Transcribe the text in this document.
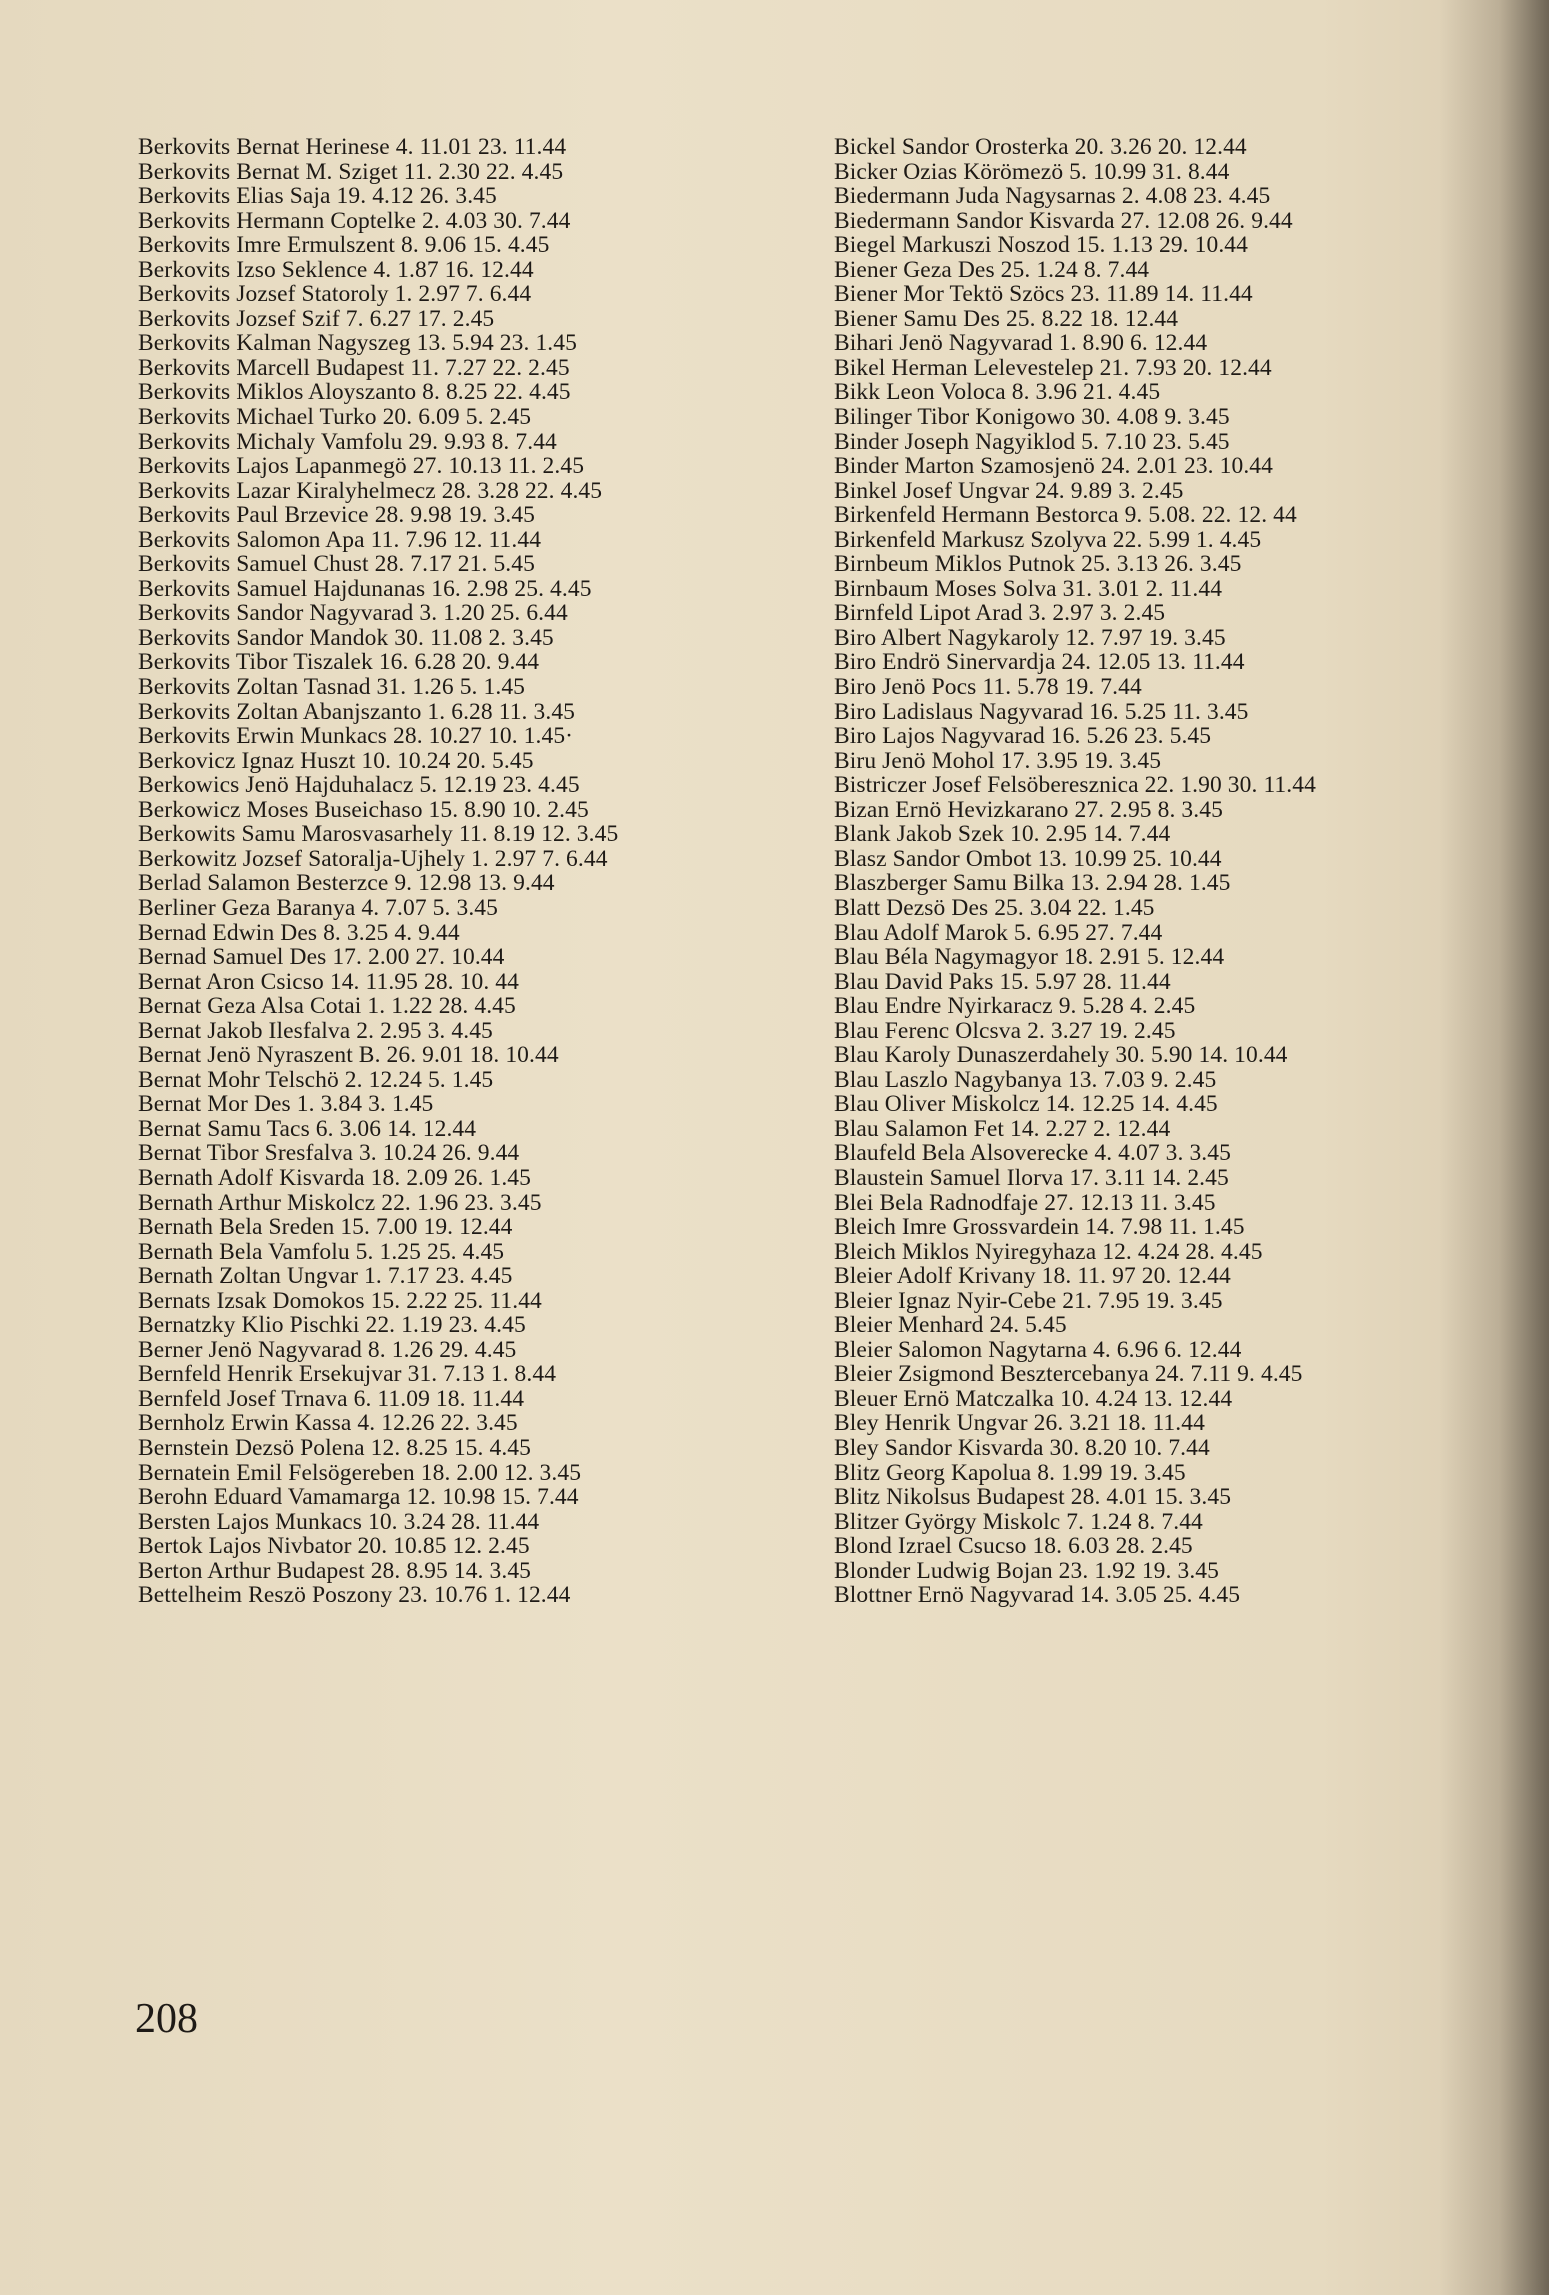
Berkovits Bernat Herinese 4. 11.01 23. 11.44
Berkovits Bernat M. Sziget 11. 2.30 22. 4.45
Berkovits Elias Saja 19. 4.12 26. 3.45
Berkovits Hermann Coptelke 2. 4.03 30. 7.44
Berkovits Imre Ermulszent 8. 9.06 15. 4.45
Berkovits Izso Seklence 4. 1.87 16. 12.44
Berkovits Jozsef Statoroly 1. 2.97 7. 6.44
Berkovits Jozsef Szif 7. 6.27 17. 2.45
Berkovits Kalman Nagyszeg 13. 5.94 23. 1.45
Berkovits Marcell Budapest 11. 7.27 22. 2.45
Berkovits Miklos Aloyszanto 8. 8.25 22. 4.45
Berkovits Michael Turko 20. 6.09 5. 2.45
Berkovits Michaly Vamfolu 29. 9.93 8. 7.44
Berkovits Lajos Lapanmegö 27. 10.13 11. 2.45
Berkovits Lazar Kiralyhelmecz 28. 3.28 22. 4.45
Berkovits Paul Brzevice 28. 9.98 19. 3.45
Berkovits Salomon Apa 11. 7.96 12. 11.44
Berkovits Samuel Chust 28. 7.17 21. 5.45
Berkovits Samuel Hajdunanas 16. 2.98 25. 4.45
Berkovits Sandor Nagyvarad 3. 1.20 25. 6.44
Berkovits Sandor Mandok 30. 11.08 2. 3.45
Berkovits Tibor Tiszalek 16. 6.28 20. 9.44
Berkovits Zoltan Tasnad 31. 1.26 5. 1.45
Berkovits Zoltan Abanjszanto 1. 6.28 11. 3.45
Berkovits Erwin Munkacs 28. 10.27 10. 1.45·
Berkovicz Ignaz Huszt 10. 10.24 20. 5.45
Berkowics Jenö Hajduhalacz 5. 12.19 23. 4.45
Berkowicz Moses Buseichaso 15. 8.90 10. 2.45
Berkowits Samu Marosvasarhely 11. 8.19 12. 3.45
Berkowitz Jozsef Satoralja-Ujhely 1. 2.97 7. 6.44
Berlad Salamon Besterzce 9. 12.98 13. 9.44
Berliner Geza Baranya 4. 7.07 5. 3.45
Bernad Edwin Des 8. 3.25 4. 9.44
Bernad Samuel Des 17. 2.00 27. 10.44
Bernat Aron Csicso 14. 11.95 28. 10. 44
Bernat Geza Alsa Cotai 1. 1.22 28. 4.45
Bernat Jakob Ilesfalva 2. 2.95 3. 4.45
Bernat Jenö Nyraszent B. 26. 9.01 18. 10.44
Bernat Mohr Telschö 2. 12.24 5. 1.45
Bernat Mor Des 1. 3.84 3. 1.45
Bernat Samu Tacs 6. 3.06 14. 12.44
Bernat Tibor Sresfalva 3. 10.24 26. 9.44
Bernath Adolf Kisvarda 18. 2.09 26. 1.45
Bernath Arthur Miskolcz 22. 1.96 23. 3.45
Bernath Bela Sreden 15. 7.00 19. 12.44
Bernath Bela Vamfolu 5. 1.25 25. 4.45
Bernath Zoltan Ungvar 1. 7.17 23. 4.45
Bernats Izsak Domokos 15. 2.22 25. 11.44
Bernatzky Klio Pischki 22. 1.19 23. 4.45
Berner Jenö Nagyvarad 8. 1.26 29. 4.45
Bernfeld Henrik Ersekujvar 31. 7.13 1. 8.44
Bernfeld Josef Trnava 6. 11.09 18. 11.44
Bernholz Erwin Kassa 4. 12.26 22. 3.45
Bernstein Dezsö Polena 12. 8.25 15. 4.45
Bernatein Emil Felsögereben 18. 2.00 12. 3.45
Berohn Eduard Vamamarga 12. 10.98 15. 7.44
Bersten Lajos Munkacs 10. 3.24 28. 11.44
Bertok Lajos Nivbator 20. 10.85 12. 2.45
Berton Arthur Budapest 28. 8.95 14. 3.45
Bettelheim Reszö Poszony 23. 10.76 1. 12.44
Bickel Sandor Orosterka 20. 3.26 20. 12.44
Bicker Ozias Körömezö 5. 10.99 31. 8.44
Biedermann Juda Nagysarnas 2. 4.08 23. 4.45
Biedermann Sandor Kisvarda 27. 12.08 26. 9.44
Biegel Markuszi Noszod 15. 1.13 29. 10.44
Biener Geza Des 25. 1.24 8. 7.44
Biener Mor Tektö Szöcs 23. 11.89 14. 11.44
Biener Samu Des 25. 8.22 18. 12.44
Bihari Jenö Nagyvarad 1. 8.90 6. 12.44
Bikel Herman Lelevestelep 21. 7.93 20. 12.44
Bikk Leon Voloca 8. 3.96 21. 4.45
Bilinger Tibor Konigowo 30. 4.08 9. 3.45
Binder Joseph Nagyiklod 5. 7.10 23. 5.45
Binder Marton Szamosjenö 24. 2.01 23. 10.44
Binkel Josef Ungvar 24. 9.89 3. 2.45
Birkenfeld Hermann Bestorca 9. 5.08. 22. 12. 44
Birkenfeld Markusz Szolyva 22. 5.99 1. 4.45
Birnbeum Miklos Putnok 25. 3.13 26. 3.45
Birnbaum Moses Solva 31. 3.01 2. 11.44
Birnfeld Lipot Arad 3. 2.97 3. 2.45
Biro Albert Nagykaroly 12. 7.97 19. 3.45
Biro Endrö Sinervardja 24. 12.05 13. 11.44
Biro Jenö Pocs 11. 5.78 19. 7.44
Biro Ladislaus Nagyvarad 16. 5.25 11. 3.45
Biro Lajos Nagyvarad 16. 5.26 23. 5.45
Biru Jenö Mohol 17. 3.95 19. 3.45
Bistriczer Josef Felsöberesznica 22. 1.90 30. 11.44
Bizan Ernö Hevizkarano 27. 2.95 8. 3.45
Blank Jakob Szek 10. 2.95 14. 7.44
Blasz Sandor Ombot 13. 10.99 25. 10.44
Blaszberger Samu Bilka 13. 2.94 28. 1.45
Blatt Dezsö Des 25. 3.04 22. 1.45
Blau Adolf Marok 5. 6.95 27. 7.44
Blau Béla Nagymagyor 18. 2.91 5. 12.44
Blau David Paks 15. 5.97 28. 11.44
Blau Endre Nyirkaracz 9. 5.28 4. 2.45
Blau Ferenc Olcsva 2. 3.27 19. 2.45
Blau Karoly Dunaszerdahely 30. 5.90 14. 10.44
Blau Laszlo Nagybanya 13. 7.03 9. 2.45
Blau Oliver Miskolcz 14. 12.25 14. 4.45
Blau Salamon Fet 14. 2.27 2. 12.44
Blaufeld Bela Alsoverecke 4. 4.07 3. 3.45
Blaustein Samuel Ilorva 17. 3.11 14. 2.45
Blei Bela Radnodfaje 27. 12.13 11. 3.45
Bleich Imre Grossvardein 14. 7.98 11. 1.45
Bleich Miklos Nyiregyhaza 12. 4.24 28. 4.45
Bleier Adolf Krivany 18. 11. 97 20. 12.44
Bleier Ignaz Nyir-Cebe 21. 7.95 19. 3.45
Bleier Menhard 24. 5.45
Bleier Salomon Nagytarna 4. 6.96 6. 12.44
Bleier Zsigmond Besztercebanya 24. 7.11 9. 4.45
Bleuer Ernö Matczalka 10. 4.24 13. 12.44
Bley Henrik Ungvar 26. 3.21 18. 11.44
Bley Sandor Kisvarda 30. 8.20 10. 7.44
Blitz Georg Kapolua 8. 1.99 19. 3.45
Blitz Nikolsus Budapest 28. 4.01 15. 3.45
Blitzer György Miskolc 7. 1.24 8. 7.44
Blond Izrael Csucso 18. 6.03 28. 2.45
Blonder Ludwig Bojan 23. 1.92 19. 3.45
Blottner Ernö Nagyvarad 14. 3.05 25. 4.45
208
